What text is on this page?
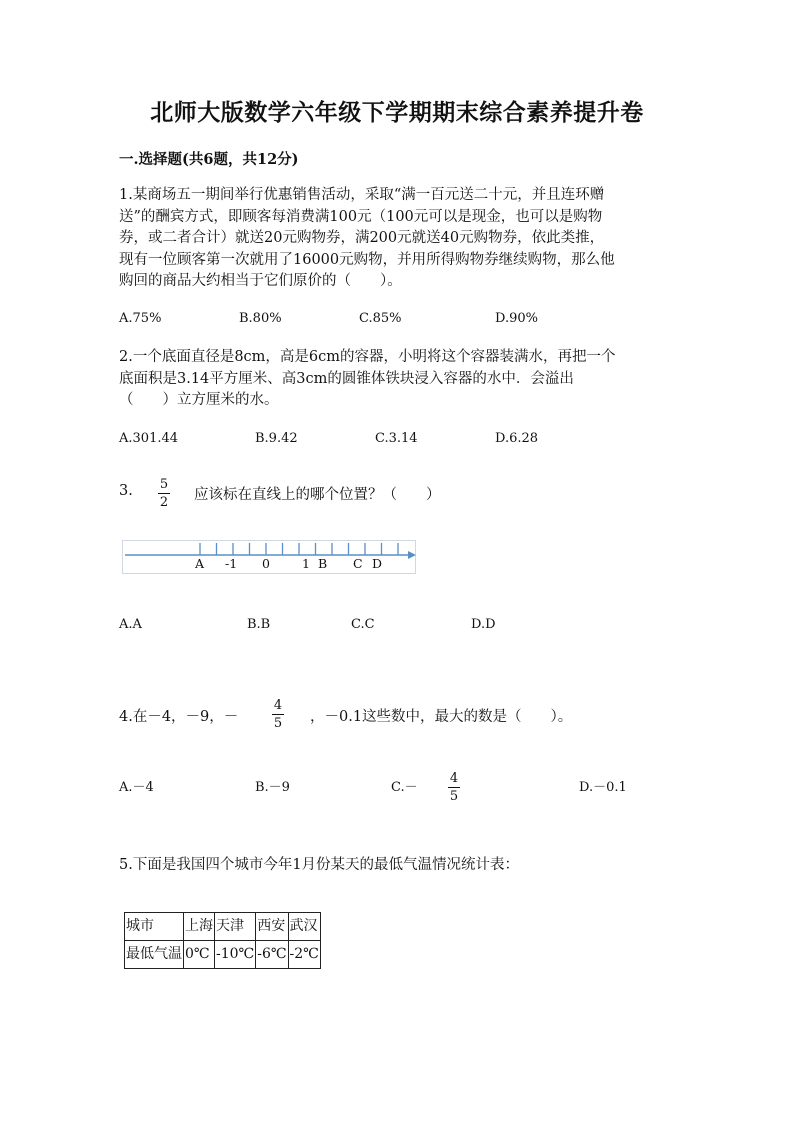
北师大版数学六年级下学期期末综合素养提升卷
一.选择题(共6题，共12分)
1.某商场五一期间举行优惠销售活动，采取“满一百元送二十元，并且连环赠
送”的酬宾方式，即顾客每消费满100元（100元可以是现金，也可以是购物
券，或二者合计）就送20元购物券，满200元就送40元购物券，依此类推，
现有一位顾客第一次就用了16000元购物，并用所得购物券继续购物，那么他
购回的商品大约相当于它们原价的（　　）。
A.75%	B.80%	C.85%	D.90%
2.一个底面直径是8cm，高是6cm的容器，小明将这个容器装满水，再把一个
底面积是3.14平方厘米、高3cm的圆锥体铁块浸入容器的水中．会溢出
（　　）立方厘米的水。
A.301.44	B.9.42	C.3.14	D.6.28
3. 5
2 应该标在直线上的哪个位置？（　　）
A -1 0	1 B C D
A.A	B.B	C.C	D.D
4.在－4，－9，－
4
5 ，－0.1这些数中，最大的数是（　　）。
A.－4	B.－9	C.－
4
5
D.－0.1
5.下面是我国四个城市今年1月份某天的最低气温情况统计表：
城市	上海	天津	西安	武汉
最低气温	0℃	-10℃	-6℃	-2℃
